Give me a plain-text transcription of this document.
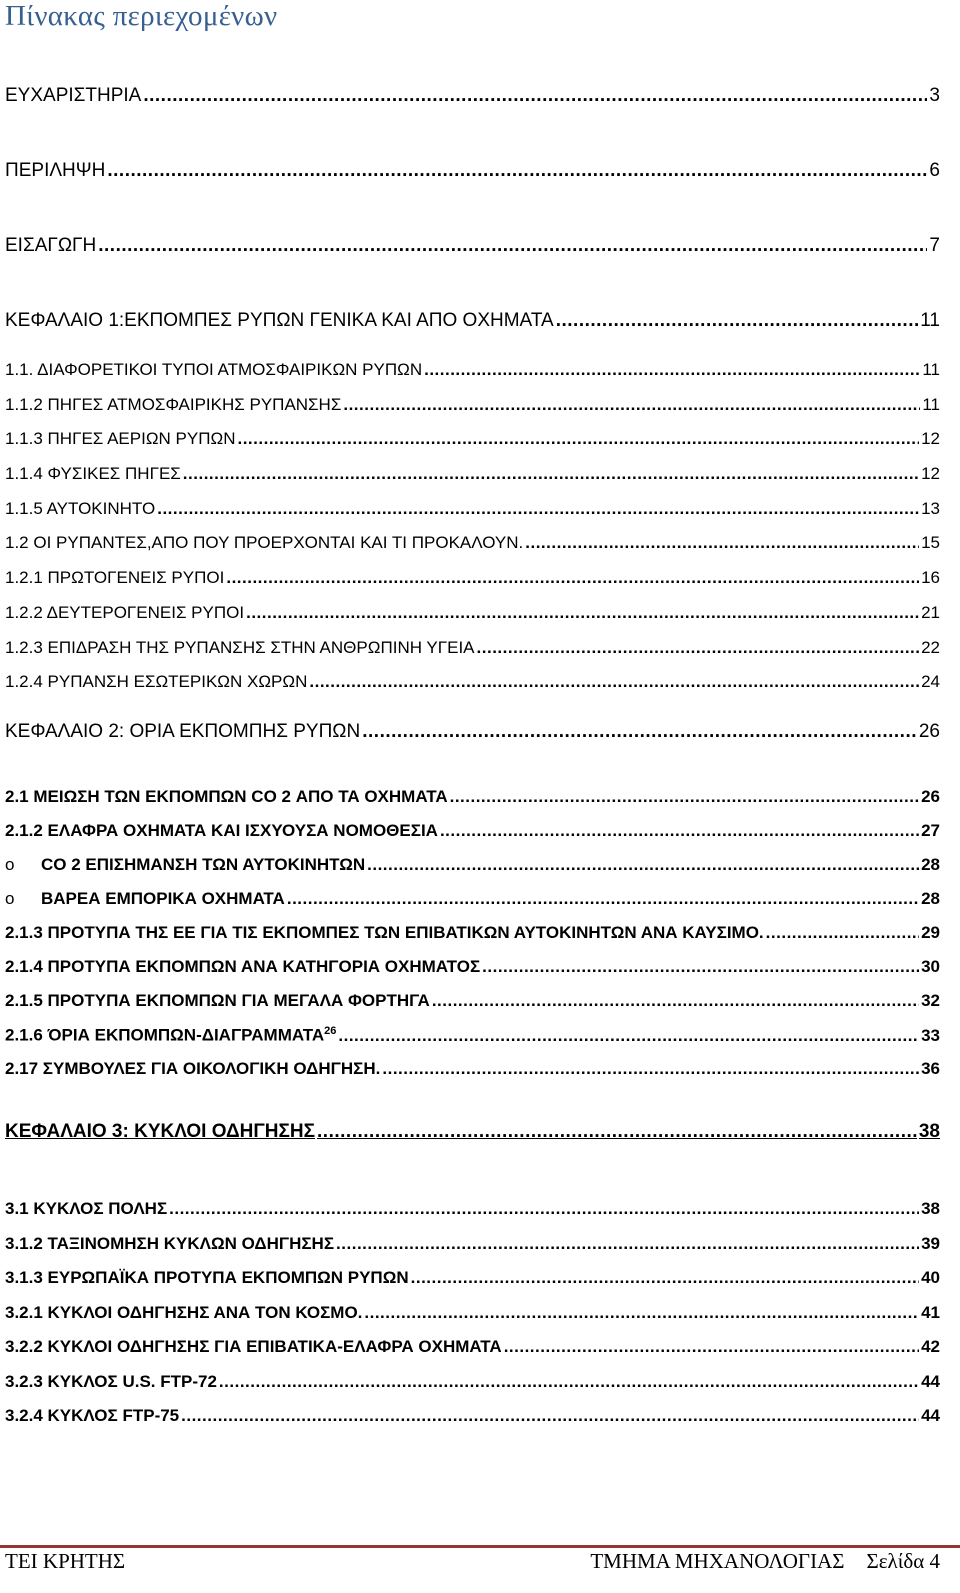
Πίνακας περιεχομένων
ΕΥΧΑΡΙΣΤΗΡΙΑ .....	3
ΠΕΡΙΛΗΨΗ .....	6
ΕΙΣΑΓΩΓΗ .....	7
ΚΕΦΑΛΑΙΟ 1:ΕΚΠΟΜΠΕΣ ΡΥΠΩΝ ΓΕΝΙΚΑ ΚΑΙ ΑΠΟ ΟΧΗΜΑΤΑ .....	11
1.1. ΔΙΑΦΟΡΕΤΙΚΟΙ ΤΥΠΟΙ ΑΤΜΟΣΦΑΙΡΙΚΩΝ ΡΥΠΩΝ .....	11
1.1.2 ΠΗΓΕΣ ΑΤΜΟΣΦΑΙΡΙΚΗΣ ΡΥΠΑΝΣΗΣ .....	11
1.1.3 ΠΗΓΕΣ ΑΕΡΙΩΝ ΡΥΠΩΝ .....	12
1.1.4 ΦΥΣΙΚΕΣ ΠΗΓΕΣ .....	12
1.1.5 ΑΥΤΟΚΙΝΗΤΟ .....	13
1.2 ΟΙ ΡΥΠΑΝΤΕΣ,ΑΠΟ ΠΟΥ ΠΡΟΕΡΧΟΝΤΑΙ ΚΑΙ ΤΙ ΠΡΟΚΑΛΟΥΝ. .....	15
1.2.1 ΠΡΩΤΟΓΕΝΕΙΣ ΡΥΠΟΙ .....	16
1.2.2 ΔΕΥΤΕΡΟΓΕΝΕΙΣ ΡΥΠΟΙ .....	21
1.2.3 ΕΠΙΔΡΑΣΗ ΤΗΣ ΡΥΠΑΝΣΗΣ ΣΤΗΝ ΑΝΘΡΩΠΙΝΗ ΥΓΕΙΑ .....	22
1.2.4 ΡΥΠΑΝΣΗ ΕΣΩΤΕΡΙΚΩΝ ΧΩΡΩΝ .....	24
ΚΕΦΑΛΑΙΟ 2: ΟΡΙΑ ΕΚΠΟΜΠΗΣ ΡΥΠΩΝ .....	26
2.1 ΜΕΙΩΣΗ ΤΩΝ ΕΚΠΟΜΠΩΝ CO 2 ΑΠΟ ΤΑ ΟΧΗΜΑΤΑ .....	26
2.1.2 ΕΛΑΦΡΑ ΟΧΗΜΑΤΑ ΚΑΙ ΙΣΧΥΟΥΣΑ ΝΟΜΟΘΕΣΙΑ .....	27
o CO 2 ΕΠΙΣΗΜΑΝΣΗ ΤΩΝ ΑΥΤΟΚΙΝΗΤΩΝ .....	28
o ΒΑΡΕΑ ΕΜΠΟΡΙΚΑ ΟΧΗΜΑΤΑ .....	28
2.1.3 ΠΡΟΤΥΠΑ ΤΗΣ ΕΕ ΓΙΑ ΤΙΣ ΕΚΠΟΜΠΕΣ ΤΩΝ ΕΠΙΒΑΤΙΚΩΝ ΑΥΤΟΚΙΝΗΤΩΝ ΑΝΑ ΚΑΥΣΙΜΟ. .....	29
2.1.4 ΠΡΟΤΥΠΑ ΕΚΠΟΜΠΩΝ ΑΝΑ ΚΑΤΗΓΟΡΙΑ ΟΧΗΜΑΤΟΣ .....	30
2.1.5 ΠΡΟΤΥΠΑ ΕΚΠΟΜΠΩΝ ΓΙΑ ΜΕΓΑΛΑ ΦΟΡΤΗΓΑ .....	32
2.1.6 ΌΡΙΑ ΕΚΠΟΜΠΩΝ-ΔΙΑΓΡΑΜΜΑΤΑ$^{26}$ .....	33
2.17 ΣΥΜΒΟΥΛΕΣ ΓΙΑ ΟΙΚΟΛΟΓΙΚΗ ΟΔΗΓΗΣΗ. .....	36
ΚΕΦΑΛΑΙΟ 3: ΚΥΚΛΟΙ ΟΔΗΓΗΣΗΣ .....	38
3.1 ΚΥΚΛΟΣ ΠΟΛΗΣ .....	38
3.1.2 ΤΑΞΙΝΟΜΗΣΗ ΚΥΚΛΩΝ ΟΔΗΓΗΣΗΣ .....	39
3.1.3 ΕΥΡΩΠΑΪΚΑ ΠΡΟΤΥΠΑ ΕΚΠΟΜΠΩΝ ΡΥΠΩΝ .....	40
3.2.1 ΚΥΚΛΟΙ ΟΔΗΓΗΣΗΣ ΑΝΑ ΤΟΝ ΚΟΣΜΟ. .....	41
3.2.2 ΚΥΚΛΟΙ ΟΔΗΓΗΣΗΣ ΓΙΑ ΕΠΙΒΑΤΙΚΑ-ΕΛΑΦΡΑ ΟΧΗΜΑΤΑ .....	42
3.2.3 ΚΥΚΛΟΣ U.S. FTP-72 .....	44
3.2.4 ΚΥΚΛΟΣ FTP-75 .....	44
ΤΕΙ ΚΡΗΤΗΣ	ΤΜΗΜΑ ΜΗΧΑΝΟΛΟΓΙΑΣ Σελίδα 4
